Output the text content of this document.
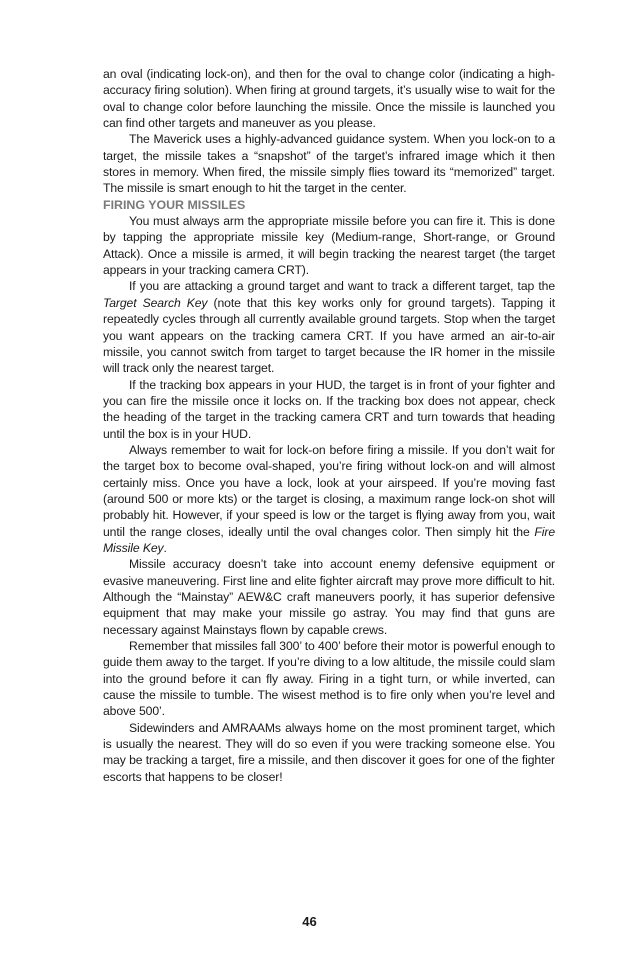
an oval (indicating lock-on), and then for the oval to change color (indicating a high-accuracy firing solution). When firing at ground targets, it’s usually wise to wait for the oval to change color before launching the missile. Once the missile is launched you can find other targets and maneuver as you please.

The Maverick uses a highly-advanced guidance system. When you lock-on to a target, the missile takes a “snapshot” of the target’s infrared image which it then stores in memory. When fired, the missile simply flies toward its “memorized” target. The missile is smart enough to hit the target in the center.

FIRING YOUR MISSILES

You must always arm the appropriate missile before you can fire it. This is done by tapping the appropriate missile key (Medium-range, Short-range, or Ground Attack). Once a missile is armed, it will begin tracking the nearest target (the target appears in your tracking camera CRT).

If you are attacking a ground target and want to track a different target, tap the Target Search Key (note that this key works only for ground targets). Tapping it repeatedly cycles through all currently available ground targets. Stop when the target you want appears on the tracking camera CRT. If you have armed an air-to-air missile, you cannot switch from target to target because the IR homer in the missile will track only the nearest target.

If the tracking box appears in your HUD, the target is in front of your fighter and you can fire the missile once it locks on. If the tracking box does not appear, check the heading of the target in the tracking camera CRT and turn towards that heading until the box is in your HUD.

Always remember to wait for lock-on before firing a missile. If you don’t wait for the target box to become oval-shaped, you’re firing without lock-on and will almost certainly miss. Once you have a lock, look at your airspeed. If you’re moving fast (around 500 or more kts) or the target is closing, a maximum range lock-on shot will probably hit. However, if your speed is low or the target is flying away from you, wait until the range closes, ideally until the oval changes color. Then simply hit the Fire Missile Key.

Missile accuracy doesn’t take into account enemy defensive equipment or evasive maneuvering. First line and elite fighter aircraft may prove more difficult to hit. Although the “Mainstay” AEW&C craft maneuvers poorly, it has superior defensive equipment that may make your missile go astray. You may find that guns are necessary against Mainstays flown by capable crews.

Remember that missiles fall 300’ to 400’ before their motor is powerful enough to guide them away to the target. If you’re diving to a low altitude, the missile could slam into the ground before it can fly away. Firing in a tight turn, or while inverted, can cause the missile to tumble. The wisest method is to fire only when you’re level and above 500’.

Sidewinders and AMRAAMs always home on the most prominent target, which is usually the nearest. They will do so even if you were tracking someone else. You may be tracking a target, fire a missile, and then discover it goes for one of the fighter escorts that happens to be closer!

46
